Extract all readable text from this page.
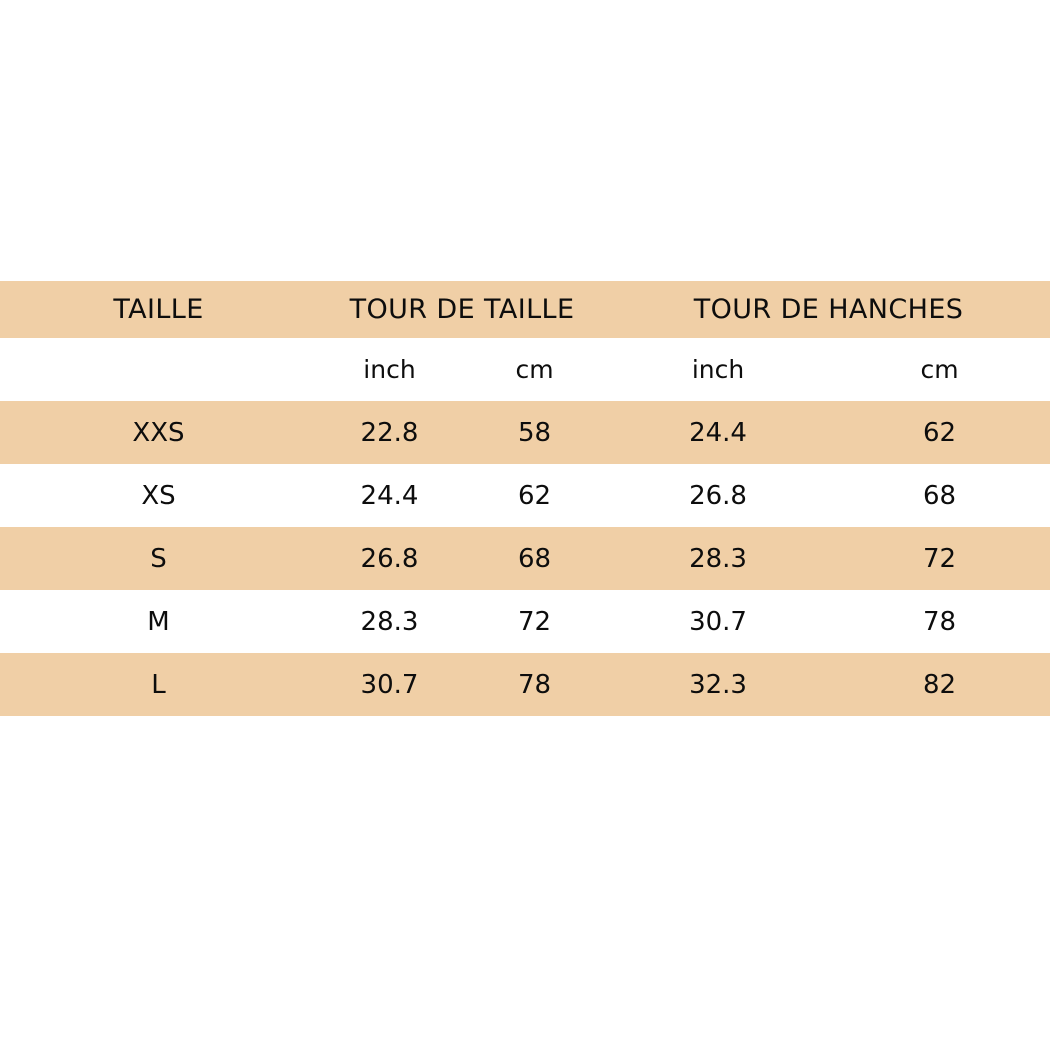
TAILLE	TOUR DE TAILLE		TOUR DE HANCHES	
	inch	cm	inch	cm
XXS	22.8	58	24.4	62
XS	24.4	62	26.8	68
S	26.8	68	28.3	72
M	28.3	72	30.7	78
L	30.7	78	32.3	82
